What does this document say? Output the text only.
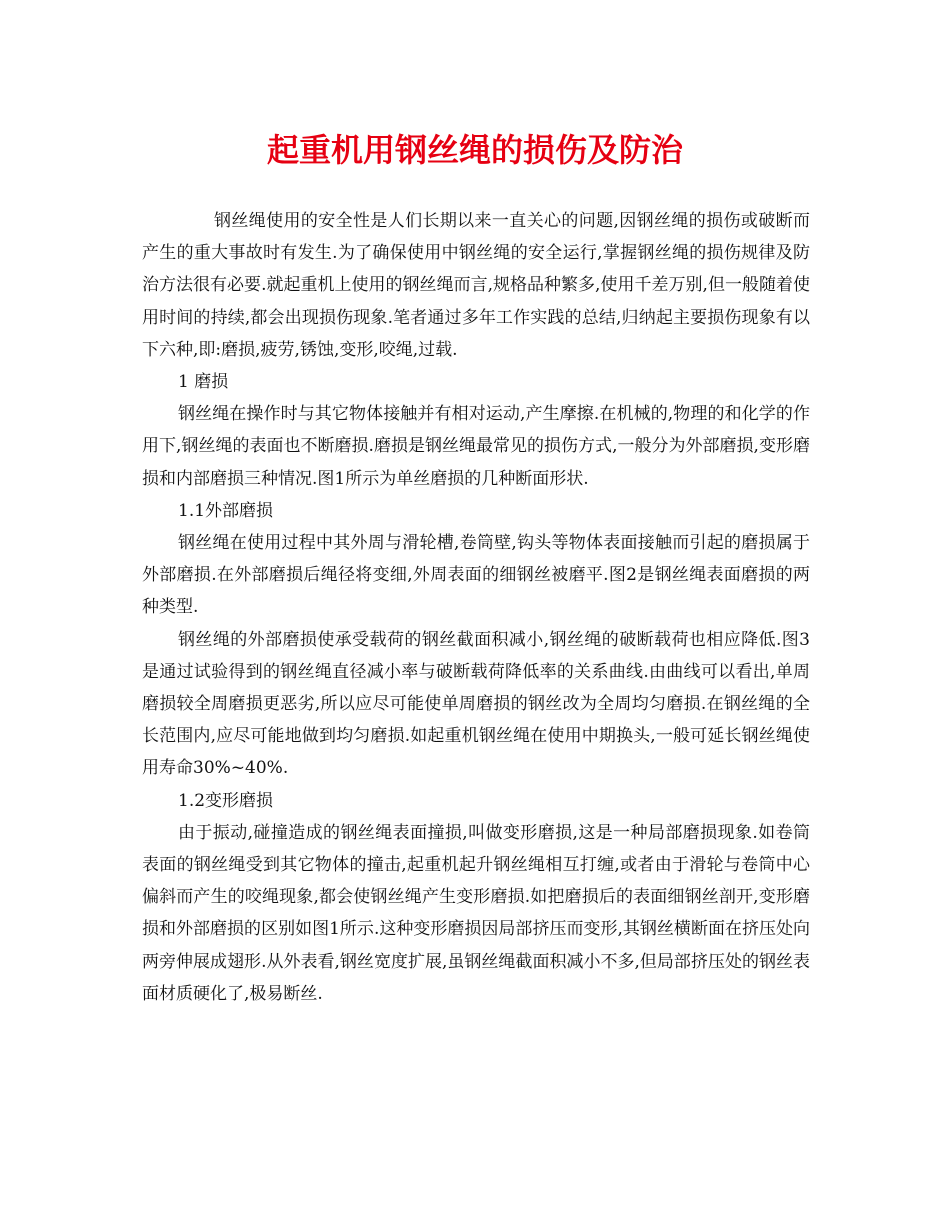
起重机用钢丝绳的损伤及防治

钢丝绳使用的安全性是人们长期以来一直关心的问题,因钢丝绳的损伤或破断而产生的重大事故时有发生.为了确保使用中钢丝绳的安全运行,掌握钢丝绳的损伤规律及防治方法很有必要.就起重机上使用的钢丝绳而言,规格品种繁多,使用千差万别,但一般随着使用时间的持续,都会出现损伤现象.笔者通过多年工作实践的总结,归纳起主要损伤现象有以下六种,即:磨损,疲劳,锈蚀,变形,咬绳,过载.

1 磨损

钢丝绳在操作时与其它物体接触并有相对运动,产生摩擦.在机械的,物理的和化学的作用下,钢丝绳的表面也不断磨损.磨损是钢丝绳最常见的损伤方式,一般分为外部磨损,变形磨损和内部磨损三种情况.图1所示为单丝磨损的几种断面形状.

1.1外部磨损

钢丝绳在使用过程中其外周与滑轮槽,卷筒壁,钩头等物体表面接触而引起的磨损属于外部磨损.在外部磨损后绳径将变细,外周表面的细钢丝被磨平.图2是钢丝绳表面磨损的两种类型.

钢丝绳的外部磨损使承受载荷的钢丝截面积减小,钢丝绳的破断载荷也相应降低.图3是通过试验得到的钢丝绳直径减小率与破断载荷降低率的关系曲线.由曲线可以看出,单周磨损较全周磨损更恶劣,所以应尽可能使单周磨损的钢丝改为全周均匀磨损.在钢丝绳的全长范围内,应尽可能地做到均匀磨损.如起重机钢丝绳在使用中期换头,一般可延长钢丝绳使用寿命30%~40%.

1.2变形磨损

由于振动,碰撞造成的钢丝绳表面撞损,叫做变形磨损,这是一种局部磨损现象.如卷筒表面的钢丝绳受到其它物体的撞击,起重机起升钢丝绳相互打缠,或者由于滑轮与卷筒中心偏斜而产生的咬绳现象,都会使钢丝绳产生变形磨损.如把磨损后的表面细钢丝剖开,变形磨损和外部磨损的区别如图1所示.这种变形磨损因局部挤压而变形,其钢丝横断面在挤压处向两旁伸展成翅形.从外表看,钢丝宽度扩展,虽钢丝绳截面积减小不多,但局部挤压处的钢丝表面材质硬化了,极易断丝.
